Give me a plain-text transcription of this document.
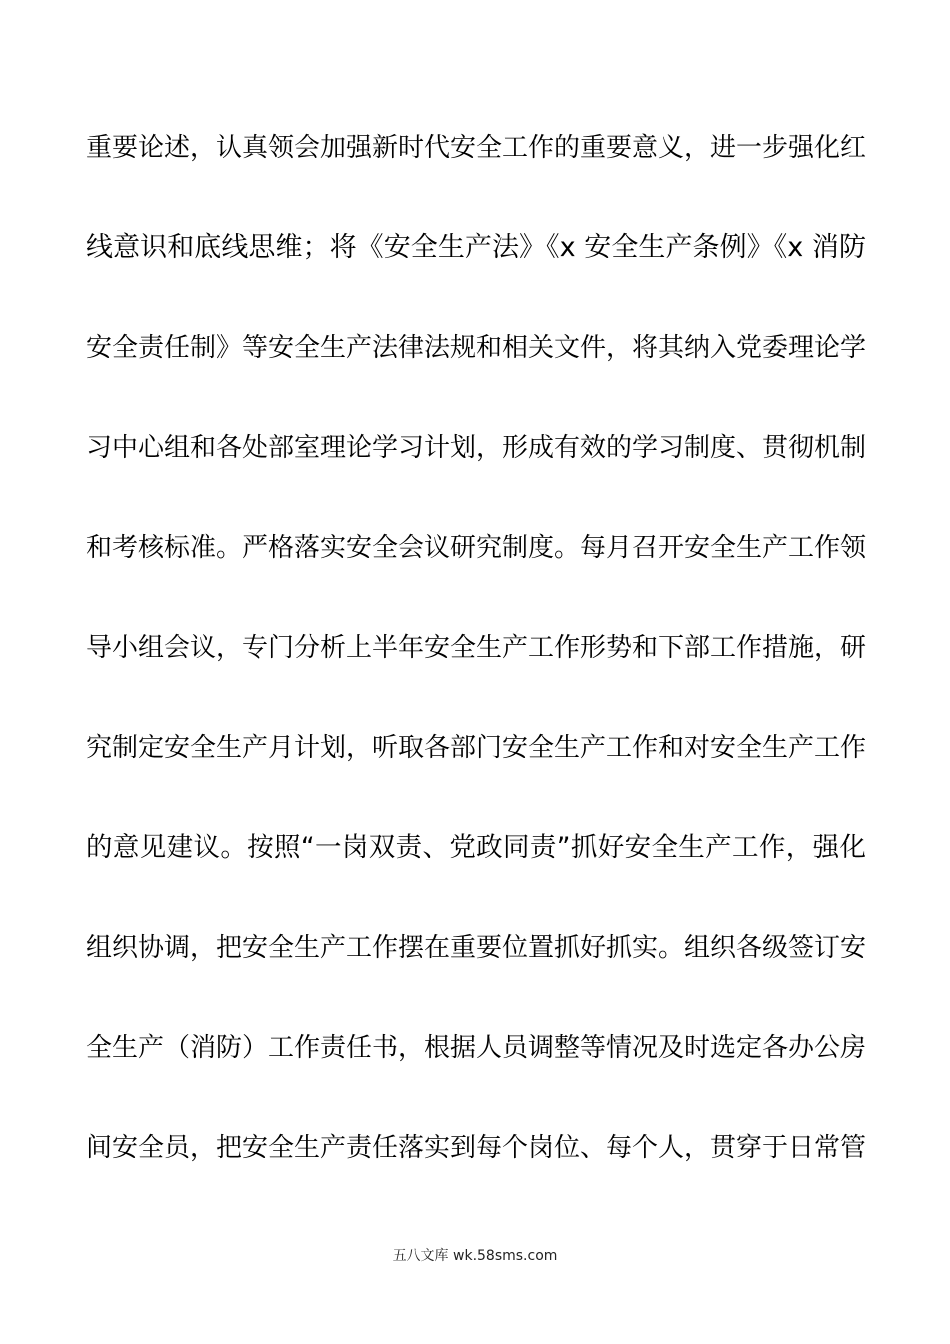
重要论述，认真领会加强新时代安全工作的重要意义，进一步强化红
线意识和底线思维；将《安全生产法》《x 安全生产条例》《x 消防
安全责任制》等安全生产法律法规和相关文件，将其纳入党委理论学
习中心组和各处部室理论学习计划，形成有效的学习制度、贯彻机制
和考核标准。严格落实安全会议研究制度。每月召开安全生产工作领
导小组会议，专门分析上半年安全生产工作形势和下部工作措施，研
究制定安全生产月计划，听取各部门安全生产工作和对安全生产工作
的意见建议。按照“一岗双责、党政同责”抓好安全生产工作，强化
组织协调，把安全生产工作摆在重要位置抓好抓实。组织各级签订安
全生产（消防）工作责任书，根据人员调整等情况及时选定各办公房
间安全员，把安全生产责任落实到每个岗位、每个人，贯穿于日常管
五八文库 wk.58sms.com
